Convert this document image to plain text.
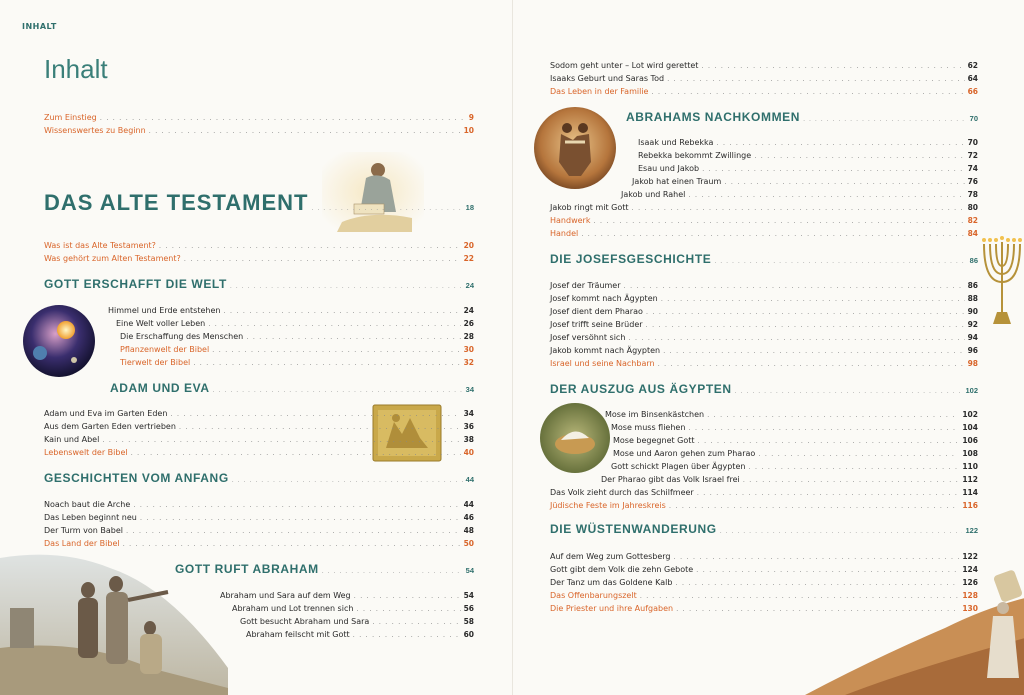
INHALT
Inhalt
DAS ALTE TESTAMENT . . .	18
GOTT ERSCHAFFT DIE WELT . . .	24
ADAM UND EVA . . .	34
GESCHICHTEN VOM ANFANG . . .	44
GOTT RUFT ABRAHAM . . .	54
Zum Einstieg . . .	9
Wissenswertes zu Beginn . . .	10
Was ist das Alte Testament? . . .	20
Was gehört zum Alten Testament? . . .	22
Himmel und Erde entstehen . . .	24
Eine Welt voller Leben . . .	26
Die Erschaffung des Menschen . . .	28
Pflanzenwelt der Bibel . . .	30
Tierwelt der Bibel . . .	32
Adam und Eva im Garten Eden . . .	34
Aus dem Garten Eden vertrieben . . .	36
Kain und Abel . . .	38
Lebenswelt der Bibel . . .	40
Noach baut die Arche . . .	44
Das Leben beginnt neu . . .	46
Der Turm von Babel . . .	48
Das Land der Bibel . . .	50
Abraham und Sara auf dem Weg . . .	54
Abraham und Lot trennen sich . . .	56
Gott besucht Abraham und Sara . . .	58
Abraham feilscht mit Gott . . .	60
ABRAHAMS NACHKOMMEN . . .	70
DIE JOSEFSGESCHICHTE . . .	86
DER AUSZUG AUS ÄGYPTEN . . .	102
DIE WÜSTENWANDERUNG . . .	122
Sodom geht unter – Lot wird gerettet . . .	62
Isaaks Geburt und Saras Tod . . .	64
Das Leben in der Familie . . .	66
Isaak und Rebekka . . .	70
Rebekka bekommt Zwillinge . . .	72
Esau und Jakob . . .	74
Jakob hat einen Traum . . .	76
Jakob und Rahel . . .	78
Jakob ringt mit Gott . . .	80
Handwerk . . .	82
Handel . . .	84
Josef der Träumer . . .	86
Josef kommt nach Ägypten . . .	88
Josef dient dem Pharao . . .	90
Josef trifft seine Brüder . . .	92
Josef versöhnt sich . . .	94
Jakob kommt nach Ägypten . . .	96
Israel und seine Nachbarn . . .	98
Mose im Binsenkästchen . . .	102
Mose muss fliehen . . .	104
Mose begegnet Gott . . .	106
Mose und Aaron gehen zum Pharao . . .	108
Gott schickt Plagen über Ägypten . . .	110
Der Pharao gibt das Volk Israel frei . . .	112
Das Volk zieht durch das Schilfmeer . . .	114
Jüdische Feste im Jahreskreis . . .	116
Auf dem Weg zum Gottesberg . . .	122
Gott gibt dem Volk die zehn Gebote . . .	124
Der Tanz um das Goldene Kalb . . .	126
Das Offenbarungszelt . . .	128
Die Priester und ihre Aufgaben . . .	130
